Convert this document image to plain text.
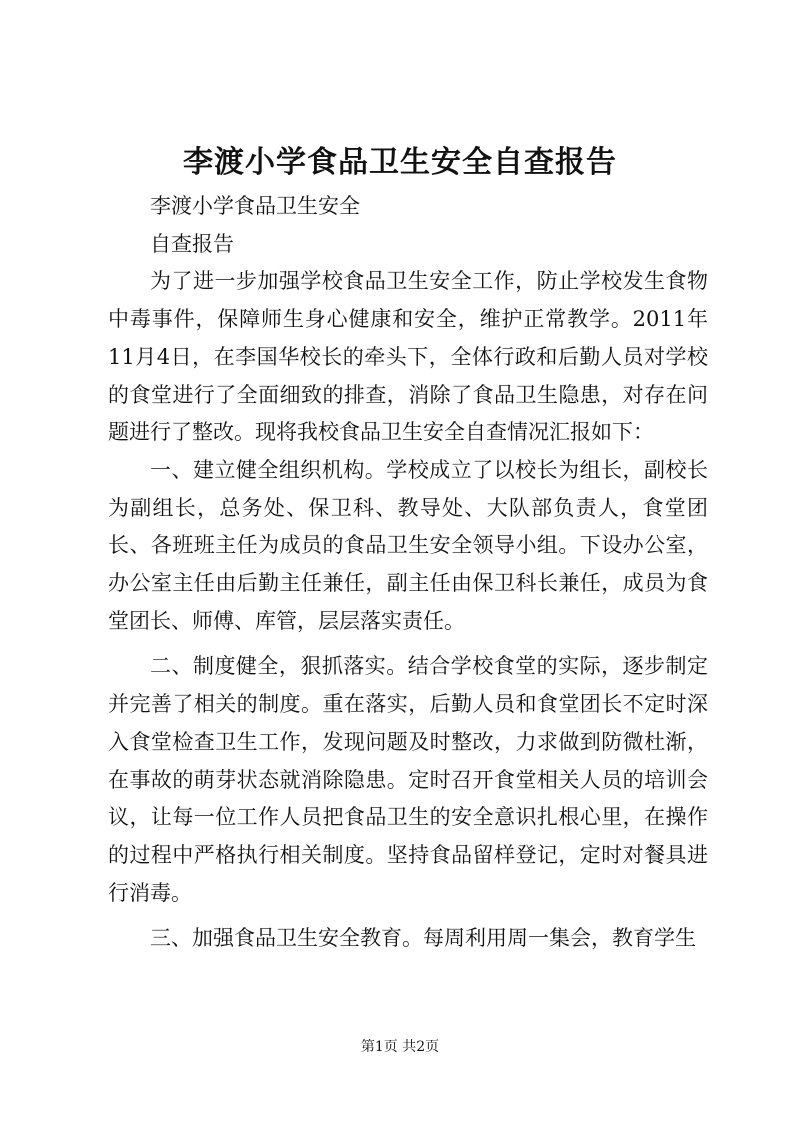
李渡小学食品卫生安全自查报告

李渡小学食品卫生安全

自查报告

为了进一步加强学校食品卫生安全工作，防止学校发生食物中毒事件，保障师生身心健康和安全，维护正常教学。2011年11月4日，在李国华校长的牵头下，全体行政和后勤人员对学校的食堂进行了全面细致的排查，消除了食品卫生隐患，对存在问题进行了整改。现将我校食品卫生安全自查情况汇报如下：

一、建立健全组织机构。学校成立了以校长为组长，副校长为副组长，总务处、保卫科、教导处、大队部负责人，食堂团长、各班班主任为成员的食品卫生安全领导小组。下设办公室，办公室主任由后勤主任兼任，副主任由保卫科长兼任，成员为食堂团长、师傅、库管，层层落实责任。

二、制度健全，狠抓落实。结合学校食堂的实际，逐步制定并完善了相关的制度。重在落实，后勤人员和食堂团长不定时深入食堂检查卫生工作，发现问题及时整改，力求做到防微杜渐，在事故的萌芽状态就消除隐患。定时召开食堂相关人员的培训会议，让每一位工作人员把食品卫生的安全意识扎根心里，在操作的过程中严格执行相关制度。坚持食品留样登记，定时对餐具进行消毒。

三、加强食品卫生安全教育。每周利用周一集会，教育学生

第1页 共2页
